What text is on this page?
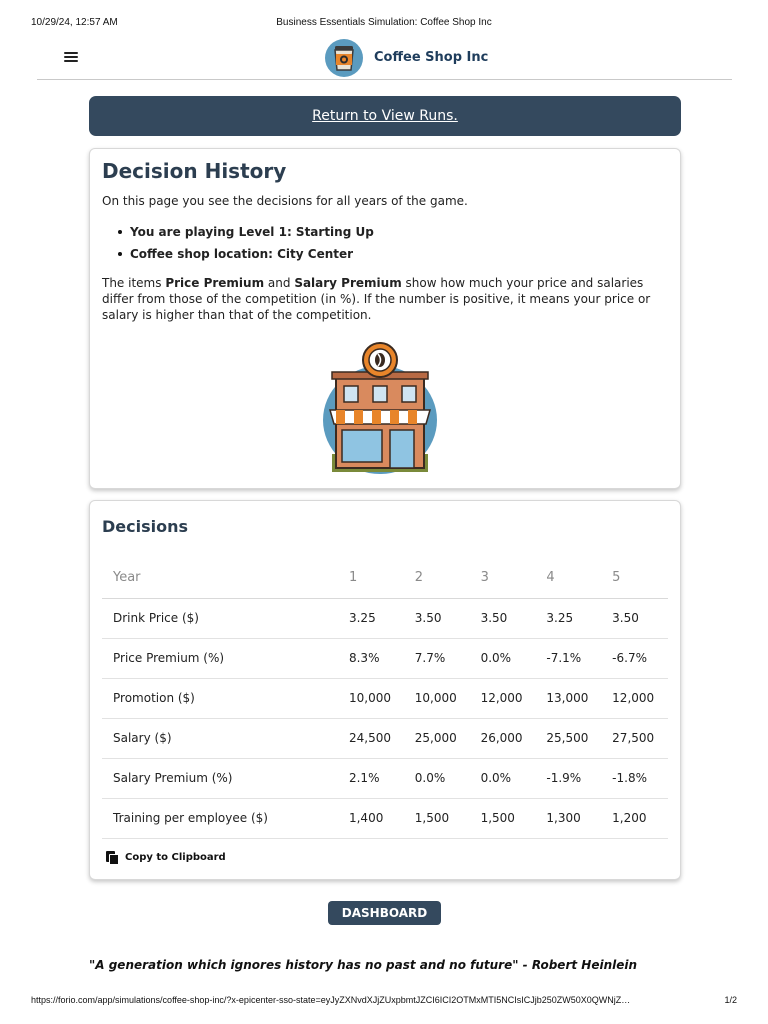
10/29/24, 12:57 AM	Business Essentials Simulation: Coffee Shop Inc
Coffee Shop Inc
Return to View Runs.
Decision History

On this page you see the decisions for all years of the game.

You are playing Level 1: Starting Up
Coffee shop location: City Center

The items Price Premium and Salary Premium show how much your price and salaries differ from those of the competition (in %). If the number is positive, it means your price or salary is higher than that of the competition.

Decisions
Year	1	2	3	4	5
Drink Price ($)	3.25	3.50	3.50	3.25	3.50
Price Premium (%)	8.3%	7.7%	0.0%	-7.1%	-6.7%
Promotion ($)	10,000	10,000	12,000	13,000	12,000
Salary ($)	24,500	25,000	26,000	25,500	27,500
Salary Premium (%)	2.1%	0.0%	0.0%	-1.9%	-1.8%
Training per employee ($)	1,400	1,500	1,500	1,300	1,200
Copy to Clipboard
DASHBOARD
"A generation which ignores history has no past and no future" - Robert Heinlein
https://forio.com/app/simulations/coffee-shop-inc/?x-epicenter-sso-state=eyJyZXNvdXJjZUxpbmtJZCI6ICI2OTMxMTI5NCIsICJjb250ZW50X0QWNjZ…	1/2
